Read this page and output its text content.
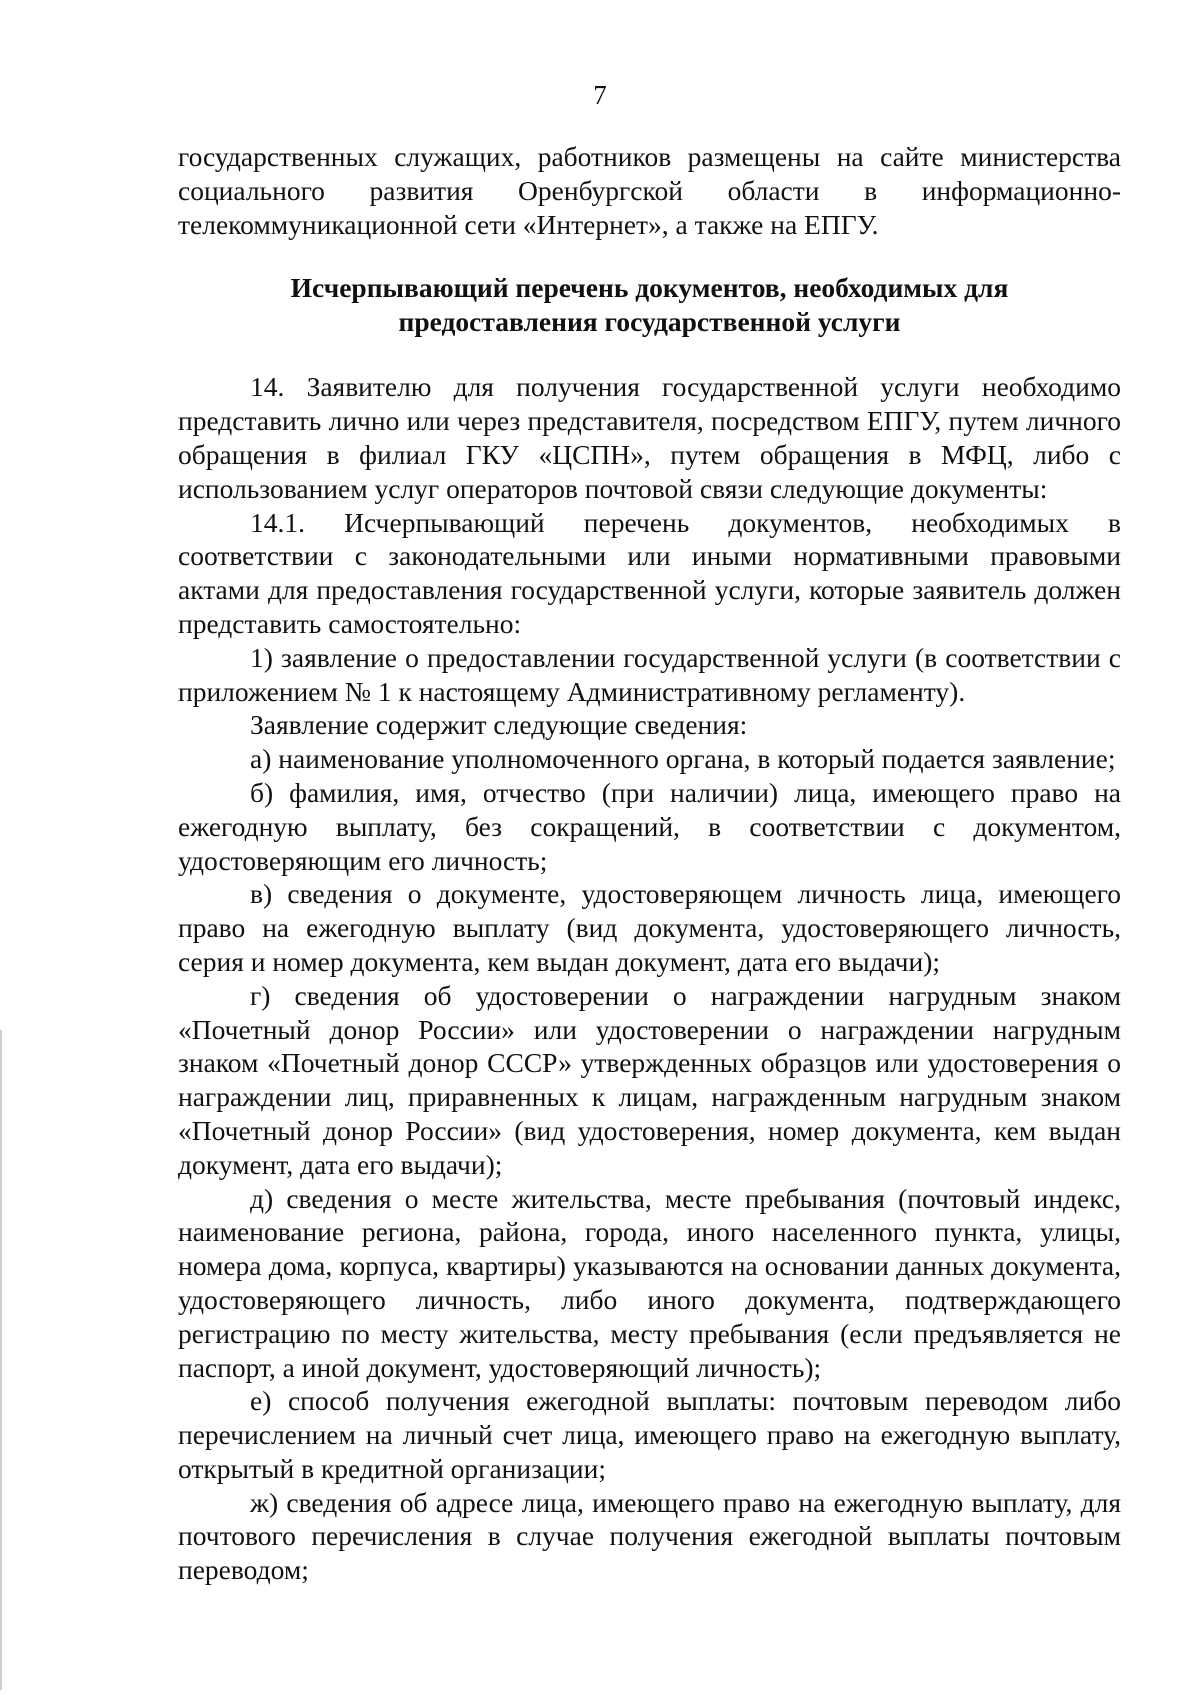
7

государственных служащих, работников размещены на сайте министерства социального развития Оренбургской области в информационно-телекоммуникационной сети «Интернет», а также на ЕПГУ.

Исчерпывающий перечень документов, необходимых для предоставления государственной услуги

14. Заявителю для получения государственной услуги необходимо представить лично или через представителя, посредством ЕПГУ, путем личного обращения в филиал ГКУ «ЦСПН», путем обращения в МФЦ, либо с использованием услуг операторов почтовой связи следующие документы:

14.1. Исчерпывающий перечень документов, необходимых в соответствии с законодательными или иными нормативными правовыми актами для предоставления государственной услуги, которые заявитель должен представить самостоятельно:

1) заявление о предоставлении государственной услуги (в соответствии с приложением № 1 к настоящему Административному регламенту).

Заявление содержит следующие сведения:

а) наименование уполномоченного органа, в который подается заявление;

б) фамилия, имя, отчество (при наличии) лица, имеющего право на ежегодную выплату, без сокращений, в соответствии с документом, удостоверяющим его личность;

в) сведения о документе, удостоверяющем личность лица, имеющего право на ежегодную выплату (вид документа, удостоверяющего личность, серия и номер документа, кем выдан документ, дата его выдачи);

г) сведения об удостоверении о награждении нагрудным знаком «Почетный донор России» или удостоверении о награждении нагрудным знаком «Почетный донор СССР» утвержденных образцов или удостоверения о награждении лиц, приравненных к лицам, награжденным нагрудным знаком «Почетный донор России» (вид удостоверения, номер документа, кем выдан документ, дата его выдачи);

д) сведения о месте жительства, месте пребывания (почтовый индекс, наименование региона, района, города, иного населенного пункта, улицы, номера дома, корпуса, квартиры) указываются на основании данных документа, удостоверяющего личность, либо иного документа, подтверждающего регистрацию по месту жительства, месту пребывания (если предъявляется не паспорт, а иной документ, удостоверяющий личность);

е) способ получения ежегодной выплаты: почтовым переводом либо перечислением на личный счет лица, имеющего право на ежегодную выплату, открытый в кредитной организации;

ж) сведения об адресе лица, имеющего право на ежегодную выплату, для почтового перечисления в случае получения ежегодной выплаты почтовым переводом;
